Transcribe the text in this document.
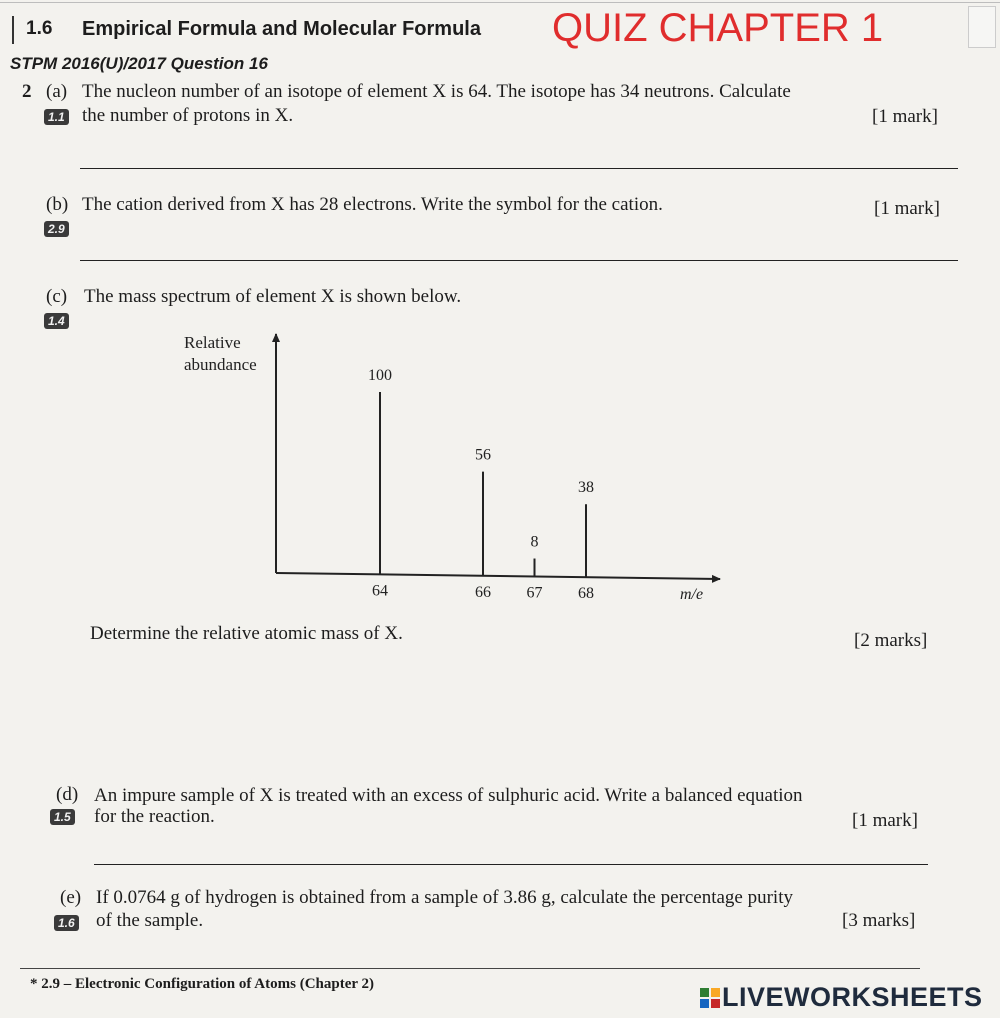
1.6 Empirical Formula and Molecular Formula QUIZ CHAPTER 1
STPM 2016(U)/2017 Question 16
2 (a) The nucleon number of an isotope of element X is 64. The isotope has 34 neutrons. Calculate
1.1 the number of protons in X.	[1 mark]
(b) The cation derived from X has 28 electrons. Write the symbol for the cation.	[1 mark]
2.9
(c) The mass spectrum of element X is shown below.
1.4
Relative
abundance
m/e
100
64
56
66
8
67
38
68
Determine the relative atomic mass of X.	[2 marks]
(d) An impure sample of X is treated with an excess of sulphuric acid. Write a balanced equation
1.5 for the reaction.	[1 mark]
(e) If 0.0764 g of hydrogen is obtained from a sample of 3.86 g, calculate the percentage purity
1.6 of the sample.	[3 marks]
* 2.9 – Electronic Configuration of Atoms (Chapter 2)	LIVEWORKSHEETS
